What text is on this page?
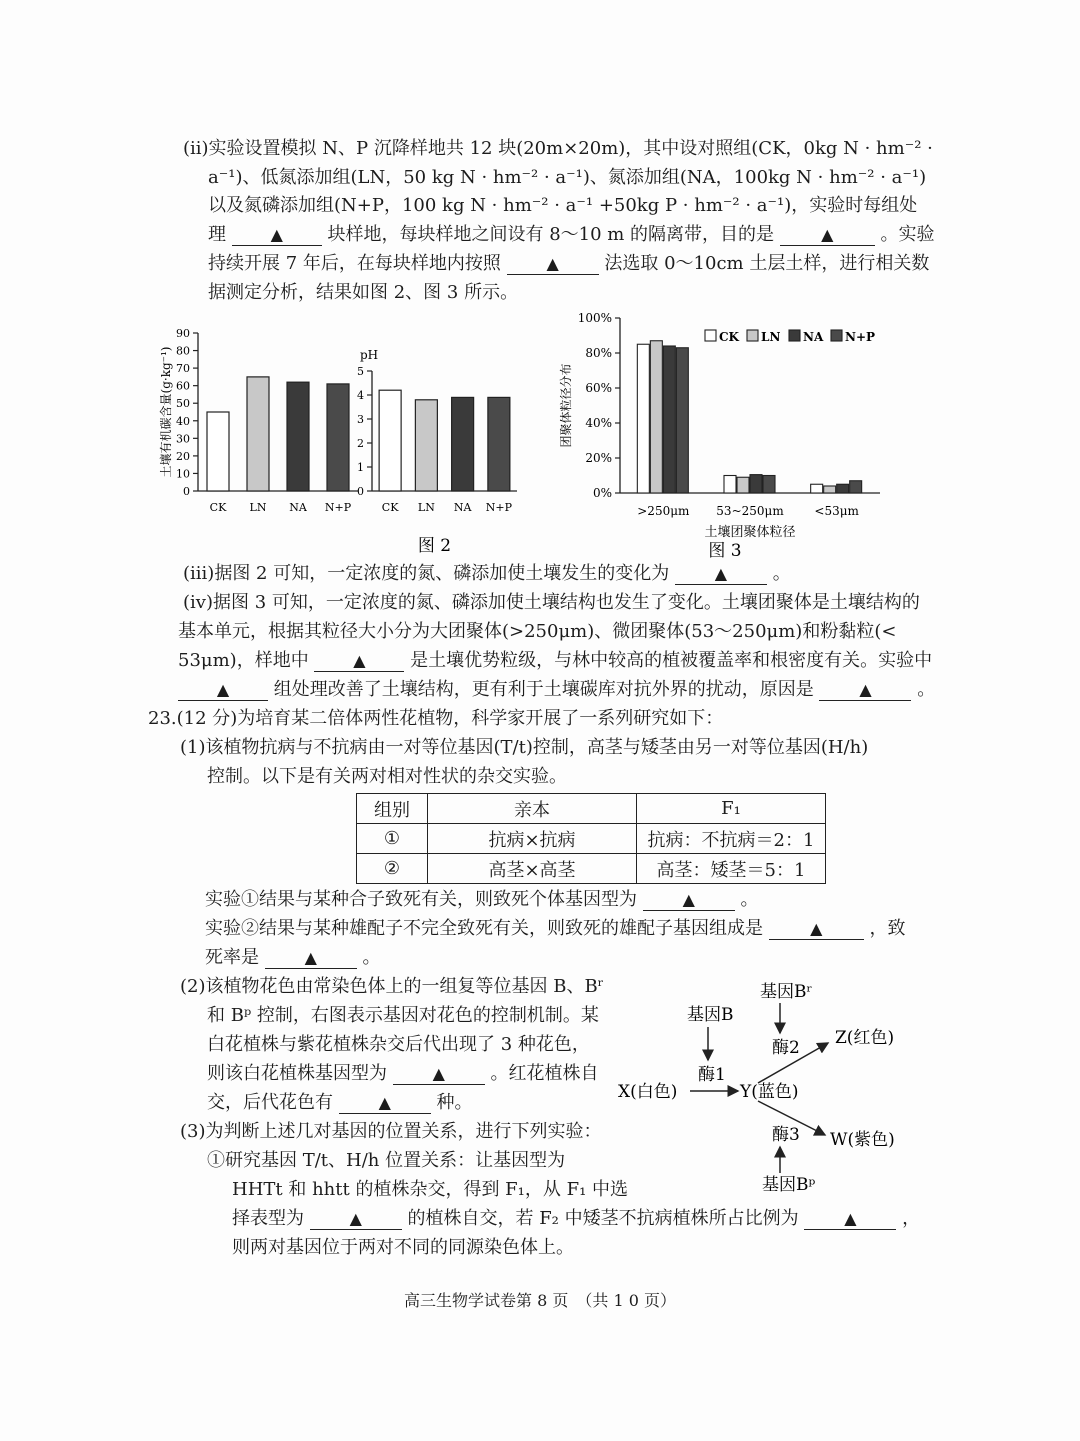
(ii)实验设置模拟 N、P 沉降样地共 12 块(20m×20m)，其中设对照组(CK，0kg N · hm⁻² ·
a⁻¹)、低氮添加组(LN，50 kg N · hm⁻² · a⁻¹)、氮添加组(NA，100kg N · hm⁻² · a⁻¹)
以及氮磷添加组(N+P，100 kg N · hm⁻² · a⁻¹ +50kg P · hm⁻² · a⁻¹)，实验时每组处
理	▲ 块样地，每块样地之间设有 8～10 m 的隔离带，目的是	▲	。实验
持续开展 7 年后，在每块样地内按照	▲	法选取 0～10cm 土层土样，进行相关数
据测定分析，结果如图 2、图 3 所示。
0
10
20
30
40
50
60
70
80
90
CK LN NA N+P
土壤有机碳含量(g·kg⁻¹)
0
1
2
3
4
5
CK LN NA N+P
pH
图 2
0%
20%
40%
60%
80%
100%
>250μm 53~250μm	<53μm
土壤团聚体粒径
团聚体粒径分布
CK LN NA N+P
图 3
(iii)据图 2 可知，一定浓度的氮、磷添加使土壤发生的变化为	▲	。
(iv)据图 3 可知，一定浓度的氮、磷添加使土壤结构也发生了变化。土壤团聚体是土壤结构的
基本单元，根据其粒径大小分为大团聚体(>250μm)、微团聚体(53～250μm)和粉黏粒(<
53μm)，样地中	▲ 是土壤优势粒级，与林中较高的植被覆盖率和根密度有关。实验中
▲ 组处理改善了土壤结构，更有利于土壤碳库对抗外界的扰动，原因是	▲	。
23.(12 分)为培育某二倍体两性花植物，科学家开展了一系列研究如下：
(1)该植物抗病与不抗病由一对等位基因(T/t)控制，高茎与矮茎由另一对等位基因(H/h)
控制。以下是有关两对相对性状的杂交实验。
组别	亲本	F₁
①	抗病×抗病	抗病：不抗病＝2：1
②	高茎×高茎	高茎：矮茎＝5：1
实验①结果与某种合子致死有关，则致死个体基因型为	▲	。
实验②结果与某种雄配子不完全致死有关，则致死的雄配子基因组成是	▲	，致
死率是	▲	。
(2)该植物花色由常染色体上的一组复等位基因 B、Bʳ
和 Bᵖ 控制，右图表示基因对花色的控制机制。某
白花植株与紫花植株杂交后代出现了 3 种花色，
则该白花植株基因型为	▲	。红花植株自
交，后代花色有	▲	种。
(3)为判断上述几对基因的位置关系，进行下列实验：
①研究基因 T/t、H/h 位置关系：让基因型为
HHTt 和 hhtt 的植株杂交，得到 F₁，从 F₁ 中选
择表型为	▲	的植株自交，若 F₂ 中矮茎不抗病植株所占比例为	▲	，
则两对基因位于两对不同的同源染色体上。
基因Bʳ
酶2
基因B
酶1
X(白色)	Y(蓝色)
Z(红色)
W(紫色)
酶3
基因Bᵖ
高三生物学试卷第 8 页　（共 1 0 页）
